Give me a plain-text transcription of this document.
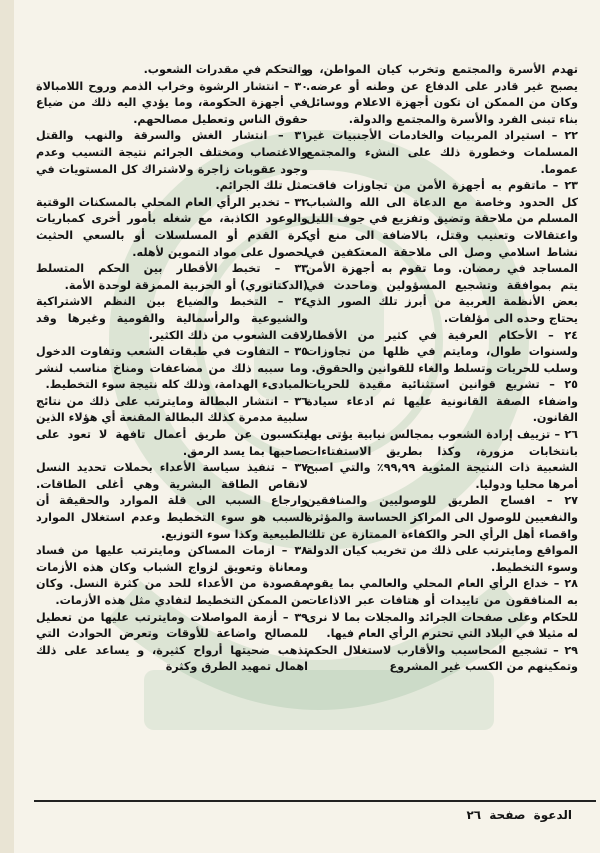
تهدم الأسرة والمجتمع وتخرب كيان المواطن، و يصبح غير قادر على الدفاع عن وطنه أو عرضه. وكان من الممكن ان تكون أجهزة الاعلام ووسائل بناء تبنى الفرد والأسرة والمجتمع والدولة.

٢٢ – استيراد المربيات والخادمات الأجنبيات غير المسلمات وخطورة ذلك على النشء والمجتمع عموما.

٢٣ – ماتقوم به أجهزة الأمن من تجاوزات فاقت كل الحدود وخاصة مع الدعاة الى الله والشباب المسلم من ملاحقة وتضيق وتفزيع في جوف الليل واعتقالات وتعنيب وقتل، بالاضافة الى منع أي نشاط اسلامي وصل الى ملاحقة المعتكفين في المساجد في رمضان. وما تقوم به أجهزة الأمن يتم بموافقة وتشجيع المسؤولين وماحدث في بعض الأنظمة العربية من أبرز تلك الصور الذي يحتاج وحده الى مؤلفات.

٢٤ – الأحكام العرفية في كثير من الأقطار ولسنوات طوال، ومايتم في ظلها من تجاوزات وسلب للحريات وتسلط والغاء للقوانين والحقوق.

٢٥ – تشريع قوانين استثنائية مقيدة للحريات واضفاء الصفة القانونية عليها ثم ادعاء سيادة القانون.

٢٦ – تزييف إرادة الشعوب بمجالس نيابية يؤتى بها بانتخابات مزورة، وكذا بطريق الاستفتاءات الشعبية ذات النتيجة المئوية ٩٩,٩٩٪ والتي اصبح أمرها محليا ودوليا.

٢٧ – افساح الطريق للوصوليين والمنافقين والنفعيين للوصول الى المراكز الحساسة والمؤثرة واقصاء أهل الرأي الحر والكفاءة الممتازة عن تلك المواقع ومايترتب على ذلك من تخريب كيان الدولة وسوء التخطيط.

٢٨ – خداع الرأي العام المحلي والعالمي بما يقوم به المنافقون من تاييدات أو هتافات عبر الاذاعات للحكام وعلى صفحات الجرائد والمجلات بما لا نرى له مثيلا في البلاد التي تحترم الرأي العام فيها.

٢٩ – تشجيع المحاسيب والأقارب لاستغلال الحكم وتمكينهم من الكسب غير المشروع

والتحكم في مقدرات الشعوب.

٣٠ – انتشار الرشوة وخراب الذمم وروح اللامبالاة في أجهزة الحكومة، وما يؤدي اليه ذلك من ضياع حقوق الناس وتعطيل مصالحهم.

٣١ – انتشار الغش والسرقة والنهب والقتل والاغتصاب ومختلف الجرائم نتيجة التسيب وعدم وجود عقوبات زاجرة ولاشتراك كل المستويات في مثل تلك الجرائم.

٣٢ – تخدير الرأي العام المحلي بالمسكنات الوقتية والوعود الكاذبة، مع شغله بأمور أخرى كمباريات كرة القدم أو المسلسلات أو بالسعي الحثيث لحصول على مواد التموين لأهله.

٣٣ – تخبط الأقطار بين الحكم المتسلط (الدكتاتوري) أو الحزبية الممزقة لوحدة الأمة.

٣٤ – التخبط والضياع بين النظم الاشتراكية والشيوعية والرأسمالية والقومية وغيرها وقد لاقت الشعوب من ذلك الكثير.

٣٥ – التفاوت في طبقات الشعب وتفاوت الدخول وما سببه ذلك من مضاعفات ومناخ مناسب لنشر المبادىء الهدامة، وذلك كله نتيجة سوء التخطيط.

٣٦ – انتشار البطالة ومايترتب على ذلك من نتائج سلبية مدمرة كذلك البطالة المقنعة أي هؤلاء الذين يتكسبون عن طريق أعمال تافهة لا تعود على صاحبها بما يسد الرمق.

٣٧ – تنفيذ سياسة الأعداء بحملات تحديد النسل لانقاص الطاقة البشرية وهي أغلى الطاقات. وارجاع السبب الى قلة الموارد والحقيقة أن السبب هو سوء التخطيط وعدم استغلال الموارد الطبيعية وكذا سوء التوزيع.

٣٨ – ازمات المساكن ومايترتب عليها من فساد ومعاناة وتعويق لزواج الشباب وكان هذه الأزمات مقصودة من الأعداء للحد من كثرة النسل. وكان من الممكن التخطيط لتفادي مثل هذه الأزمات.

٣٩ – أزمة المواصلات ومايترتب عليها من تعطيل للمصالح واضاعة للأوقات وتعرض الحوادث التي تذهب ضحيتها أرواح كثيرة، و يساعد على ذلك اهمال تمهيد الطرق وكثرة

الدعوة صفحة ٢٦
